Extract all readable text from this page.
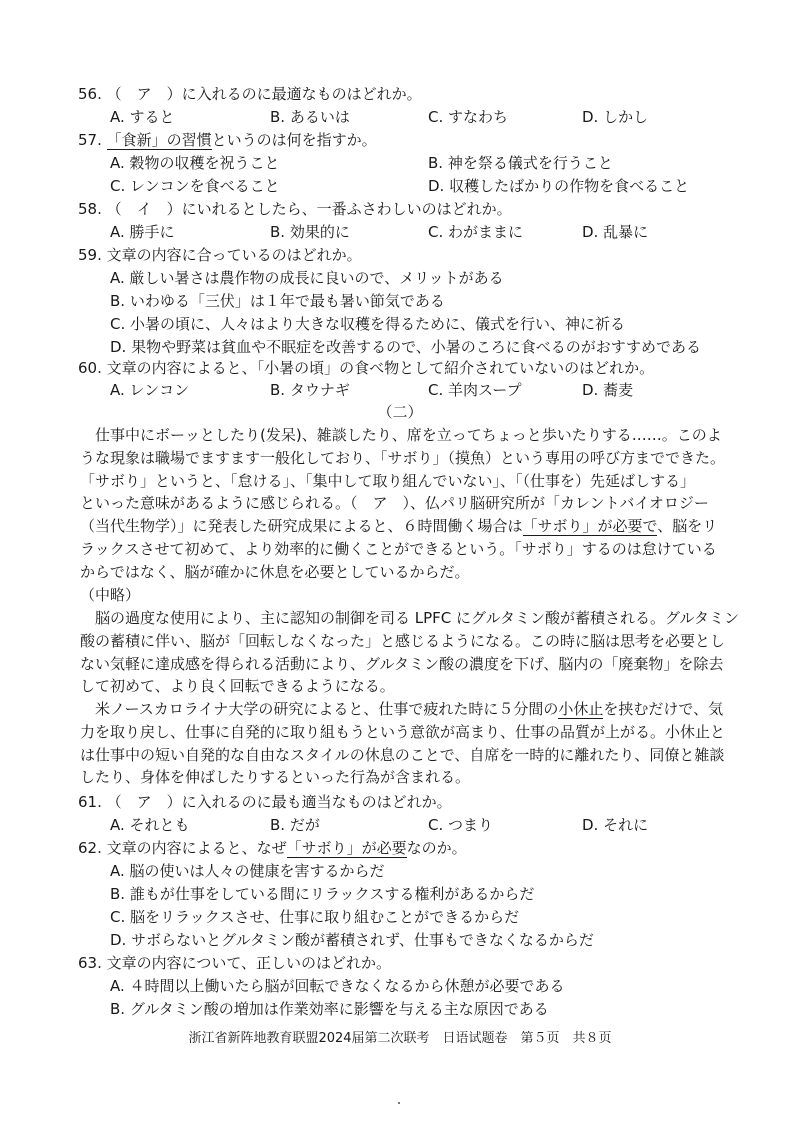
56. （　ア　）に入れるのに最適なものはどれか。
A. すると	B. あるいは	C. すなわち	D. しかし
57. 「食新」の習慣というのは何を指すか。
A. 穀物の収穫を祝うこと	B. 神を祭る儀式を行うこと
C. レンコンを食べること	D. 収穫したばかりの作物を食べること
58. （　イ　）にいれるとしたら、一番ふさわしいのはどれか。
A. 勝手に	B. 効果的に	C. わがままに	D. 乱暴に
59. 文章の内容に合っているのはどれか。
A. 厳しい暑さは農作物の成長に良いので、メリットがある
B. いわゆる「三伏」は１年で最も暑い節気である
C. 小暑の頃に、人々はより大きな収穫を得るために、儀式を行い、神に祈る
D. 果物や野菜は貧血や不眠症を改善するので、小暑のころに食べるのがおすすめである
60. 文章の内容によると、「小暑の頃」の食べ物として紹介されていないのはどれか。
A. レンコン	B. タウナギ	C. 羊肉スープ	D. 蕎麦
（二）
　仕事中にボーッとしたり(发呆)、雑談したり、席を立ってちょっと歩いたりする……。このよ
うな現象は職場でますます一般化しており、「サボり」（摸魚）という専用の呼び方までできた。
「サボり」というと、「怠ける」、「集中して取り組んでいない」、「（仕事を）先延ばしする」
といった意味があるように感じられる。（　ア　）、仏パリ脳研究所が「カレントバイオロジー
（当代生物学）」に発表した研究成果によると、６時間働く場合は「サボり」が必要で、脳をリ
ラックスさせて初めて、より効率的に働くことができるという。「サボり」するのは怠けている
からではなく、脳が確かに休息を必要としているからだ。
（中略）
　脳の過度な使用により、主に認知の制御を司る LPFC にグルタミン酸が蓄積される。グルタミン
酸の蓄積に伴い、脳が「回転しなくなった」と感じるようになる。この時に脳は思考を必要とし
ない気軽に達成感を得られる活動により、グルタミン酸の濃度を下げ、脳内の「廃棄物」を除去
して初めて、より良く回転できるようになる。
　米ノースカロライナ大学の研究によると、仕事で疲れた時に５分間の小休止を挟むだけで、気
力を取り戻し、仕事に自発的に取り組もうという意欲が高まり、仕事の品質が上がる。小休止と
は仕事中の短い自発的な自由なスタイルの休息のことで、自席を一時的に離れたり、同僚と雑談
したり、身体を伸ばしたりするといった行為が含まれる。
61. （　ア　）に入れるのに最も適当なものはどれか。
A. それとも	B. だが	C. つまり	D. それに
62. 文章の内容によると、なぜ「サボり」が必要なのか。
A. 脳の使いは人々の健康を害するからだ
B. 誰もが仕事をしている間にリラックスする権利があるからだ
C. 脳をリラックスさせ、仕事に取り組むことができるからだ
D. サボらないとグルタミン酸が蓄積されず、仕事もできなくなるからだ
63. 文章の内容について、正しいのはどれか。
A. ４時間以上働いたら脳が回転できなくなるから休憩が必要である
B. グルタミン酸の増加は作業効率に影響を与える主な原因である
浙江省新阵地教育联盟2024届第二次联考　日语试题卷　第５页　共８页
